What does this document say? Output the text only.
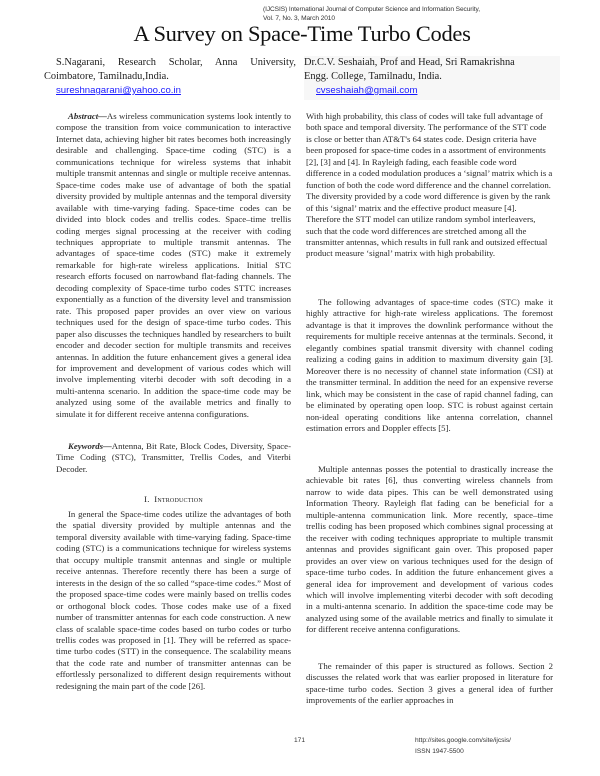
(IJCSIS) International Journal of Computer Science and Information Security,
Vol. 7, No. 3, March 2010
A Survey on Space-Time Turbo Codes
S.Nagarani, Research Scholar, Anna University,
Coimbatore, Tamilnadu,India.
sureshnagarani@yahoo.co.in
Dr.C.V. Seshaiah, Prof and Head, Sri Ramakrishna
Engg. College, Tamilnadu, India.
cvseshaiah@gmail.com
Abstract—As wireless communication systems look intently to compose the transition from voice communication to interactive Internet data, achieving higher bit rates becomes both increasingly desirable and challenging. Space-time coding (STC) is a communications technique for wireless systems that inhabit multiple transmit antennas and single or multiple receive antennas. Space-time codes make use of advantage of both the spatial diversity provided by multiple antennas and the temporal diversity available with time-varying fading. Space-time codes can be divided into block codes and trellis codes. Space–time trellis coding merges signal processing at the receiver with coding techniques appropriate to multiple transmit antennas. The advantages of space-time codes (STC) make it extremely remarkable for high-rate wireless applications. Initial STC research efforts focused on narrowband flat-fading channels. The decoding complexity of Space-time turbo codes STTC increases exponentially as a function of the diversity level and transmission rate. This proposed paper provides an over view on various techniques used for the design of space-time turbo codes. This paper also discusses the techniques handled by researchers to built encoder and decoder section for multiple transmits and receives antennas. In addition the future enhancement gives a general idea for improvement and development of various codes which will involve implementing viterbi decoder with soft decoding in a multi-antenna scenario. In addition the space-time code may be analyzed using some of the available metrics and finally to simulate it for different receive antenna configurations.
Keywords—Antenna, Bit Rate, Block Codes, Diversity, Space-Time Coding (STC), Transmitter, Trellis Codes, and Viterbi Decoder.
I. Introduction
In general the Space-time codes utilize the advantages of both the spatial diversity provided by multiple antennas and the temporal diversity available with time-varying fading. Space-time coding (STC) is a communications technique for wireless systems that occupy multiple transmit antennas and single or multiple receive antennas. Therefore recently there has been a surge of interests in the design of the so called “space-time codes.” Most of the proposed space-time codes were mainly based on trellis codes or orthogonal block codes. Those codes make use of a fixed number of transmitter antennas for each code construction. A new class of scalable space-time codes based on turbo codes or turbo trellis codes was proposed in [1]. They will be referred as space-time turbo codes (STT) in the consequence. The scalability means that the code rate and number of transmitter antennas can be effortlessly personalized to different design requirements without redesigning the main part of the code [26].
With high probability, this class of codes will take full advantage of both space and temporal diversity. The performance of the STT code is close or better than AT&T's 64 states code. Design criteria have been proposed for space-time codes in a assortment of environments [2], [3] and [4]. In Rayleigh fading, each feasible code word difference in a coded modulation produces a ‘signal’ matrix which is a function of both the code word difference and the channel correlation. The diversity provided by a code word difference is given by the rank of this ‘signal’ matrix and the effective product measure [4]. Therefore the STT model can utilize random symbol interleavers, such that the code word differences are stretched among all the transmitter antennas, which results in full rank and outsized effectual product measure ‘signal’ matrix with high probability.
The following advantages of space-time codes (STC) make it highly attractive for high-rate wireless applications. The foremost advantage is that it improves the downlink performance without the requirements for multiple receive antennas at the terminals. Second, it elegantly combines spatial transmit diversity with channel coding realizing a coding gains in addition to maximum diversity gain [3]. Moreover there is no necessity of channel state information (CSI) at the transmitter terminal. In addition the need for an expensive reverse link, which may be consistent in the case of rapid channel fading, can be eliminated by operating open loop. STC is robust against certain non-ideal operating conditions like antenna correlation, channel estimation errors and Doppler effects [5].
Multiple antennas posses the potential to drastically increase the achievable bit rates [6], thus converting wireless channels from narrow to wide data pipes. This can be well demonstrated using Information Theory. Rayleigh flat fading can be beneficial for a multiple-antenna communication link. More recently, space–time trellis coding has been proposed which combines signal processing at the receiver with coding techniques appropriate to multiple transmit antennas and provides significant gain over. This proposed paper provides an over view on various techniques used for the design of space-time turbo codes. In addition the future enhancement gives a general idea for improvement and development of various codes which will involve implementing viterbi decoder with soft decoding in a multi-antenna scenario. In addition the space-time code may be analyzed using some of the available metrics and finally to simulate it for different receive antenna configurations.
The remainder of this paper is structured as follows. Section 2 discusses the related work that was earlier proposed in literature for space-time turbo codes. Section 3 gives a general idea of further improvements of the earlier approaches in
171	http://sites.google.com/site/ijcsis/
ISSN 1947-5500
